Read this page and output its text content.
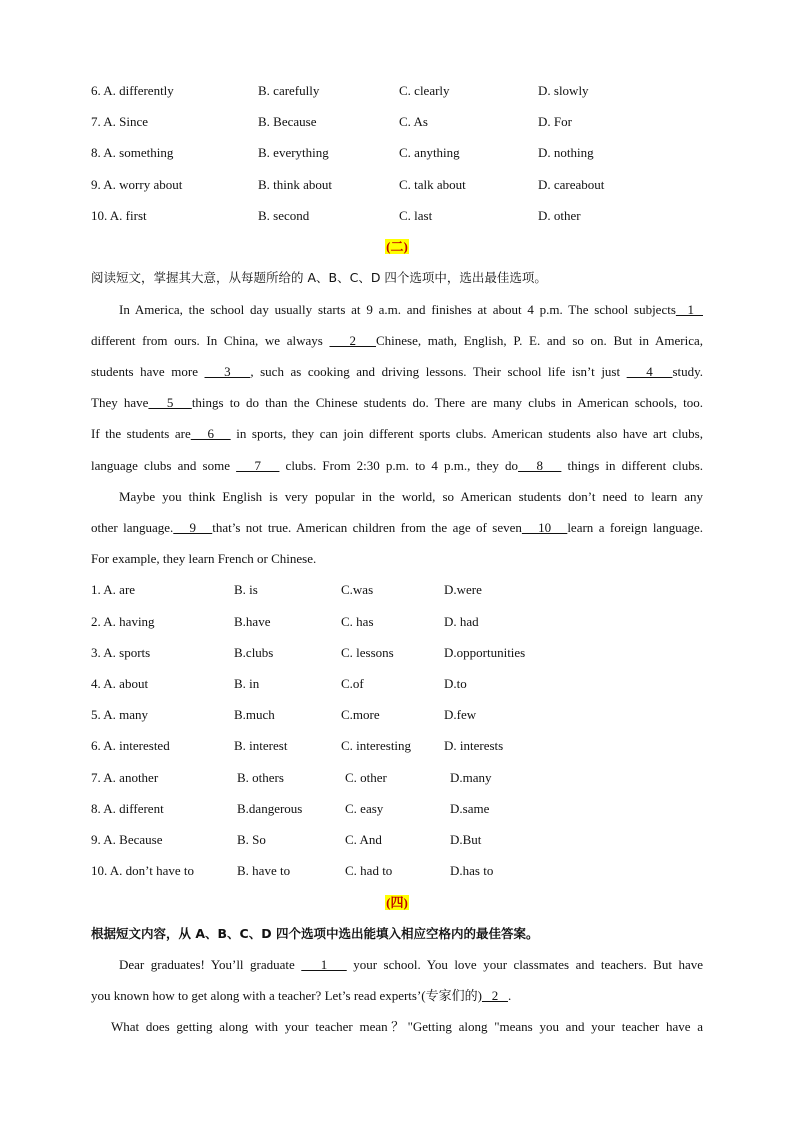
6. A. differently	B. carefully	C. clearly	D. slowly
7. A. Since	B. Because	C. As	D. For
8. A. something	B. everything	C. anything	D. nothing
9. A. worry about	B. think about	C. talk about	D. careabout
10. A. first	B. second	C. last	D. other
(二)
阅读短文，掌握其大意，从每题所给的 A、B、C、D 四个选项中，选出最佳选项。
In America, the school day usually starts at 9 a.m. and finishes at about 4 p.m. The school subjects  1
different from ours. In China, we always    2   Chinese, math, English, P. E. and so on. But in America,
students have more    3   , such as cooking and driving lessons. Their school life isn’t just    4   study.
They have   5   things to do than the Chinese students do. There are many clubs in American schools, too.
If the students are   6    in sports, they can join different sports clubs. American students also have art clubs,
language clubs and some    7    clubs. From 2:30 p.m. to 4 p.m., they do   8    things in different clubs.
Maybe you think English is very popular in the world, so American students don’t need to learn any
other language.   9   that’s not true. American children from the age of seven   10   learn a foreign language.
For example, they learn French or Chinese.
1. A. are	B. is	C.was	D.were
2. A. having	B.have	C. has	D. had
3. A. sports	B.clubs	C. lessons	D.opportunities
4. A. about	B. in	C.of	D.to
5. A. many	B.much	C.more	D.few
6. A. interested	B. interest	C. interesting	D. interests
7. A. another	B. others	C. other	D.many
8. A. different	B.dangerous	C. easy	D.same
9. A. Because	B. So	C. And	D.But
10. A. don’t have to	B. have to	C. had to	D.has to
(四)
根据短文内容，从 A、B、C、D 四个选项中选出能填入相应空格内的最佳答案。
Dear graduates! You’ll graduate    1    your school. You love your classmates and teachers. But have
you known how to get along with a teacher? Let’s read experts’(专家们的)   2   .
What does getting along with your teacher mean？"Getting along "means you and your teacher have a
